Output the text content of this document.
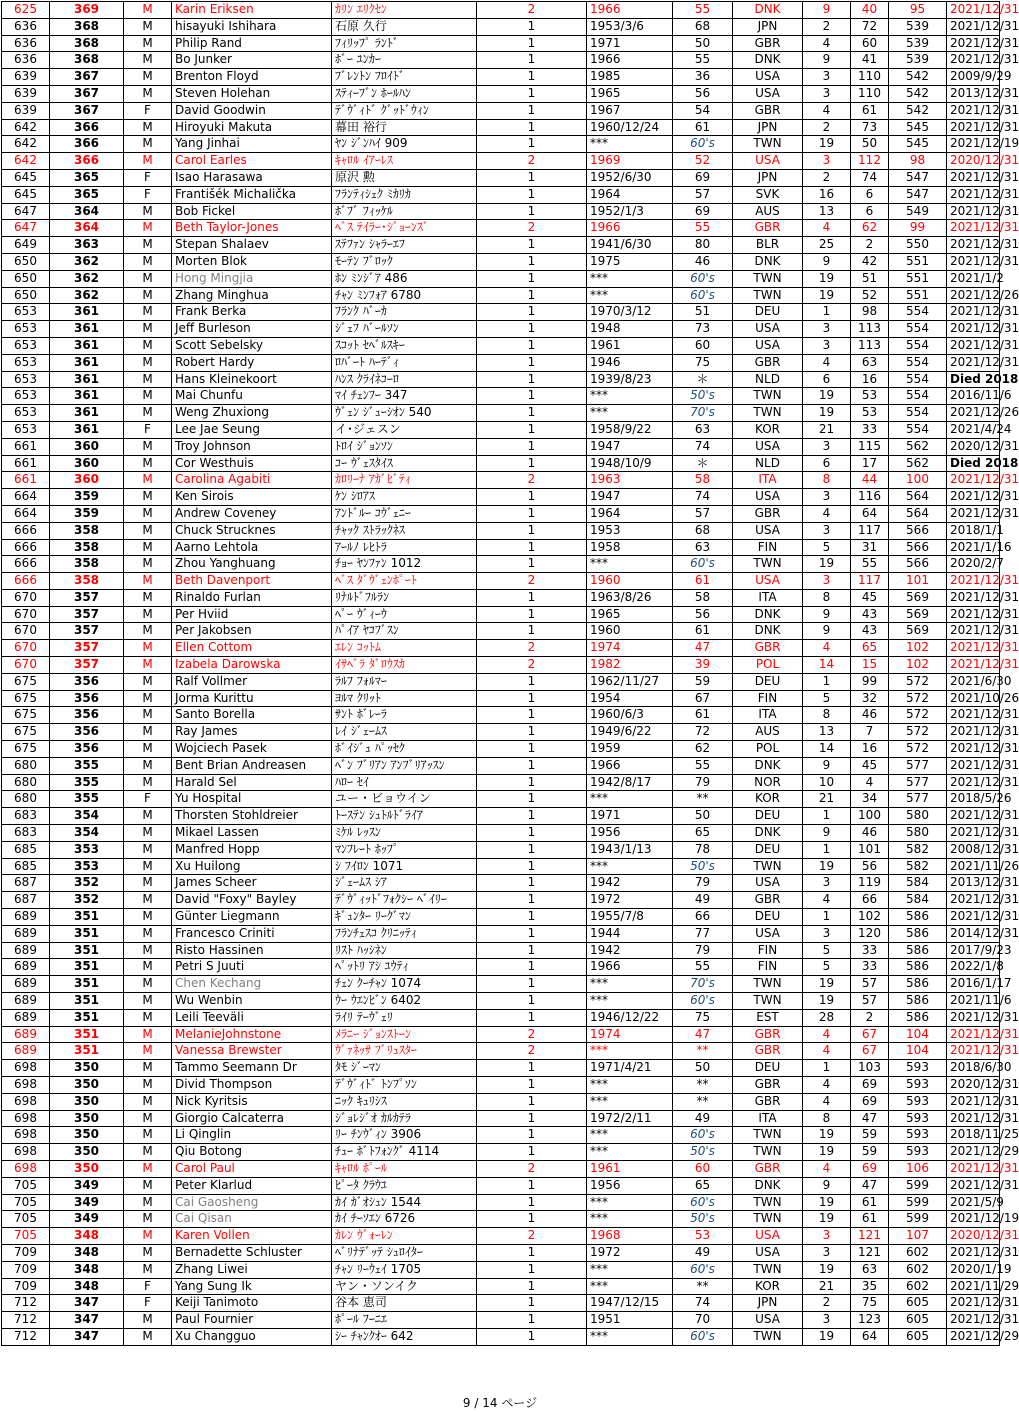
625	369	M	Karin Eriksen	ｶﾘﾝ ｴﾘｸｾﾝ	2	1966	55	DNK	9	40	95	2021/12/31
636	368	M	hisayuki Ishihara	石原 久行	1	1953/3/6	68	JPN	2	72	539	2021/12/31
636	368	M	Philip Rand	ﾌｨﾘｯﾌﾟ ﾗﾝﾄﾞ	1	1971	50	GBR	4	60	539	2021/12/31
636	368	M	Bo Junker	ﾎﾞｰ ﾕﾝｶｰ	1	1966	55	DNK	9	41	539	2021/12/31
639	367	M	Brenton Floyd	ﾌﾞﾚﾝﾄﾝ ﾌﾛｲﾄﾞ	1	1985	36	USA	3	110	542	2009/9/29
639	367	M	Steven Holehan	ｽﾃｨｰﾌﾞﾝ ﾎｰﾙﾊﾝ	1	1965	56	USA	3	110	542	2013/12/31
639	367	F	David Goodwin	ﾃﾞｳﾞｨﾄﾞ ｸﾞｯﾄﾞｳｨﾝ	1	1967	54	GBR	4	61	542	2021/12/31
642	366	M	Hiroyuki Makuta	幕田 裕行	1	1960/12/24	61	JPN	2	73	545	2021/12/31
642	366	M	Yang Jinhai	ﾔﾝ ｼﾞﾝﾊｲ 909	1	***	60's	TWN	19	50	545	2021/12/19
642	366	M	Carol Earles	ｷｬﾛﾙ ｲｱｰﾚｽ	2	1969	52	USA	3	112	98	2020/12/31
645	365	F	Isao Harasawa	原沢 勲	1	1952/6/30	69	JPN	2	74	547	2021/12/31
645	365	F	Františék Michalička	ﾌﾗﾝﾃｨｼｪｸ ﾐｶﾘｶ	1	1964	57	SVK	16	6	547	2021/12/31
647	364	M	Bob Fickel	ﾎﾞﾌﾞ ﾌｨｯｹﾙ	1	1952/1/3	69	AUS	13	6	549	2021/12/31
647	364	M	Beth Taylor-Jones	ﾍﾞｽ ﾃｲﾗｰ･ｼﾞｮｰﾝｽﾞ	2	1966	55	GBR	4	62	99	2021/12/31
649	363	M	Stepan Shalaev	ｽﾃﾌｧﾝ ｼｬﾗｰｴﾌ	1	1941/6/30	80	BLR	25	2	550	2021/12/31
650	362	M	Morten Blok	ﾓｰﾃﾝ ﾌﾞﾛｯｸ	1	1975	46	DNK	9	42	551	2021/12/31
650	362	M	Hong Mingjia	ﾎﾝ ﾐﾝｼﾞｱ 486	1	***	60's	TWN	19	51	551	2021/1/2
650	362	M	Zhang Minghua	ﾁｬﾝ ﾐﾝﾌｫｱ 6780	1	***	60's	TWN	19	52	551	2021/12/26
653	361	M	Frank Berka	ﾌﾗﾝｸ ﾊﾞｰｶ	1	1970/3/12	51	DEU	1	98	554	2021/12/31
653	361	M	Jeff Burleson	ｼﾞｪﾌ ﾊﾞｰﾙｿﾝ	1	1948	73	USA	3	113	554	2021/12/31
653	361	M	Scott Sebelsky	ｽｺｯﾄ ｾﾍﾞﾙｽｷｰ	1	1961	60	USA	3	113	554	2021/12/31
653	361	M	Robert Hardy	ﾛﾊﾞｰﾄ ﾊｰﾃﾞｨ	1	1946	75	GBR	4	63	554	2021/12/31
653	361	M	Hans Kleinekoort	ﾊﾝｽ ｸﾗｲﾈｺｰﾛ	1	1939/8/23	＊	NLD	6	16	554	Died 2018
653	361	M	Mai Chunfu	ﾏｲ ﾁｪﾝﾌｰ 347	1	***	50's	TWN	19	53	554	2016/11/6
653	361	M	Weng Zhuxiong	ｳﾞｪﾝ ｼﾞｭｰｼｵﾝ 540	1	***	70's	TWN	19	53	554	2021/12/26
653	361	F	Lee Jae Seung	イ･ジェスン	1	1958/9/22	63	KOR	21	33	554	2021/4/24
661	360	M	Troy Johnson	ﾄﾛｲ ｼﾞｮﾝｿﾝ	1	1947	74	USA	3	115	562	2020/12/31
661	360	M	Cor Westhuis	ｺｰ ｳﾞｪｽﾀｲｽ	1	1948/10/9	＊	NLD	6	17	562	Died 2018
661	360	M	Carolina Agabiti	ｶﾛﾘｰﾅ ｱｶﾞﾋﾞﾃｨ	2	1963	58	ITA	8	44	100	2021/12/31
664	359	M	Ken Sirois	ｹﾝ ｼﾛｱｽ	1	1947	74	USA	3	116	564	2021/12/31
664	359	M	Andrew Coveney	ｱﾝﾄﾞﾙｰ ｺｳﾞｪﾆｰ	1	1964	57	GBR	4	64	564	2021/12/31
666	358	M	Chuck Strucknes	ﾁｬｯｸ ｽﾄﾗｯｸﾈｽ	1	1953	68	USA	3	117	566	2018/1/1
666	358	M	Aarno Lehtola	ｱｰﾙﾉ ﾚﾋﾄﾗ	1	1958	63	FIN	5	31	566	2021/1/16
666	358	M	Zhou Yanghuang	ﾁｮｰ ﾔﾝﾌｧﾝ 1012	1	***	60's	TWN	19	55	566	2020/2/7
666	358	M	Beth Davenport	ﾍﾞｽ ﾀﾞｳﾞｪﾝﾎﾟｰﾄ	2	1960	61	USA	3	117	101	2021/12/31
670	357	M	Rinaldo Furlan	ﾘﾅﾙﾄﾞﾌﾙﾗﾝ	1	1963/8/26	58	ITA	8	45	569	2021/12/31
670	357	M	Per Hviid	ﾍﾟｰ ｳﾞｨｰｳ	1	1965	56	DNK	9	43	569	2021/12/31
670	357	M	Per Jakobsen	ﾊﾟｲｱ ﾔｺﾌﾞｽﾝ	1	1960	61	DNK	9	43	569	2021/12/31
670	357	M	Ellen Cottom	ｴﾚﾝ ｺｯﾄﾑ	2	1974	47	GBR	4	65	102	2021/12/31
670	357	M	Izabela Darowska	ｲｻﾍﾞﾗ ﾀﾞﾛｳｽｶ	2	1982	39	POL	14	15	102	2021/12/31
675	356	M	Ralf Vollmer	ﾗﾙﾌ ﾌｫﾙﾏｰ	1	1962/11/27	59	DEU	1	99	572	2021/6/30
675	356	M	Jorma Kurittu	ﾖﾙﾏ ｸﾘｯﾄ	1	1954	67	FIN	5	32	572	2021/10/26
675	356	M	Santo Borella	ｻﾝﾄ ﾎﾞﾚｰﾗ	1	1960/6/3	61	ITA	8	46	572	2021/12/31
675	356	M	Ray James	ﾚｲ ｼﾞｪｰﾑｽ	1	1949/6/22	72	AUS	13	7	572	2021/12/31
675	356	M	Wojciech Pasek	ﾎﾞｲｼﾞｭ ﾊﾟｯｾｸ	1	1959	62	POL	14	16	572	2021/12/31
680	355	M	Bent Brian Andreasen	ﾍﾞﾝ ﾌﾞﾘｱﾝ ｱﾝﾌﾞﾘｱｯｽﾝ	1	1966	55	DNK	9	45	577	2021/12/31
680	355	M	Harald Sel	ﾊﾛｰ ｾｲ	1	1942/8/17	79	NOR	10	4	577	2021/12/31
680	355	F	Yu Hospital	ユー・ビョウイン	1	***	**	KOR	21	34	577	2018/5/26
683	354	M	Thorsten Stohldreier	ﾄｰｽﾃﾝ ｼｭﾄﾙﾄﾞﾗｲｱ	1	1971	50	DEU	1	100	580	2021/12/31
683	354	M	Mikael Lassen	ﾐｹﾙ ﾚｯｽﾝ	1	1956	65	DNK	9	46	580	2021/12/31
685	353	M	Manfred Hopp	ﾏﾝﾌﾚｰﾄ ﾎｯﾌﾟ	1	1943/1/13	78	DEU	1	101	582	2008/12/31
685	353	M	Xu Huilong	ｼ ﾌｲﾛﾝ 1071	1	***	50's	TWN	19	56	582	2021/11/26
687	352	M	James Scheer	ｼﾞｪｰﾑｽ ｼｱ	1	1942	79	USA	3	119	584	2013/12/31
687	352	M	David "Foxy" Bayley	ﾃﾞｳﾞｨｯﾄﾞﾌｫｸｼｰ ﾍﾞｲﾘｰ	1	1972	49	GBR	4	66	584	2021/12/31
689	351	M	Günter Liegmann	ｷﾞｭﾝﾀｰ ﾘｰｸﾞﾏﾝ	1	1955/7/8	66	DEU	1	102	586	2021/12/31
689	351	M	Francesco Criniti	ﾌﾗﾝﾁｪｽｺ ｸﾘﾆｯﾃｨ	1	1944	77	USA	3	120	586	2014/12/31
689	351	M	Risto Hassinen	ﾘｽﾄ ﾊｯｼﾈﾝ	1	1942	79	FIN	5	33	586	2017/9/23
689	351	M	Petri S Juuti	ﾍﾟｯﾄﾘ ｱｼ ﾕｳﾃｨ	1	1966	55	FIN	5	33	586	2022/1/8
689	351	M	Chen Kechang	ﾁｪﾝ ｸｰﾁｬﾝ 1074	1	***	70's	TWN	19	57	586	2016/1/17
689	351	M	Wu Wenbin	ｳｰ ｳｴﾝﾋﾞﾝ 6402	1	***	60's	TWN	19	57	586	2021/11/6
689	351	M	Leili Teeväli	ﾗｲﾘ ﾃｰｳﾞｪﾘ	1	1946/12/22	75	EST	28	2	586	2021/12/31
689	351	M	MelanieJohnstone	ﾒﾗﾆｰ ｼﾞｮﾝｽﾄｰﾝ	2	1974	47	GBR	4	67	104	2021/12/31
689	351	M	Vanessa Brewster	ｳﾞｧﾈｯｻ ﾌﾞﾘｭｽﾀｰ	2	***	**	GBR	4	67	104	2021/12/31
698	350	M	Tammo Seemann Dr	ﾀﾓ ｼﾞｰﾏﾝ	1	1971/4/21	50	DEU	1	103	593	2018/6/30
698	350	M	Divid Thompson	ﾃﾞｳﾞｨﾄﾞ ﾄﾝﾌﾟｿﾝ	1	***	**	GBR	4	69	593	2020/12/31
698	350	M	Nick Kyritsis	ﾆｯｸ ｷｭﾘｼｽ	1	***	**	GBR	4	69	593	2021/12/31
698	350	M	Giorgio Calcaterra	ｼﾞｮﾚｼﾞｵ ｶﾙｶﾃﾗ	1	1972/2/11	49	ITA	8	47	593	2021/12/31
698	350	M	Li Qinglin	ﾘｰ ﾁﾝｳﾞｨﾝ 3906	1	***	60's	TWN	19	59	593	2018/11/25
698	350	M	Qiu Botong	ﾁｭｰ ﾎﾞﾄﾌｫﾝｸﾞ 4114	1	***	50's	TWN	19	59	593	2021/12/29
698	350	M	Carol Paul	ｷｬﾛﾙ ﾎﾟｰﾙ	2	1961	60	GBR	4	69	106	2021/12/31
705	349	M	Peter Klarlud	ﾋﾟｰﾀ ｸﾗｳﾕ	1	1956	65	DNK	9	47	599	2021/12/31
705	349	M	Cai Gaosheng	ｶｲ ｶﾞｵｼｭﾝ 1544	1	***	60's	TWN	19	61	599	2021/5/9
705	349	M	Cai Qisan	ｶｲ ﾁｰｿｴﾝ 6726	1	***	50's	TWN	19	61	599	2021/12/19
705	348	M	Karen Vollen	ｶﾚﾝ ｳﾞｫｰﾚﾝ	2	1968	53	USA	3	121	107	2020/12/31
709	348	M	Bernadette Schluster	ﾍﾞﾘﾅﾃﾞｯﾃ ｼｭﾛｲﾀｰ	1	1972	49	USA	3	121	602	2021/12/31
709	348	M	Zhang Liwei	ﾁｬﾝ ﾘｰｳｪｲ 1705	1	***	60's	TWN	19	63	602	2020/1/19
709	348	F	Yang Sung Ik	ヤン・ソンイク	1	***	**	KOR	21	35	602	2021/11/29
712	347	F	Keiji Tanimoto	谷本 恵司	1	1947/12/15	74	JPN	2	75	605	2021/12/31
712	347	M	Paul Fournier	ﾎﾟｰﾙ ﾌｰﾆｴ	1	1951	70	USA	3	123	605	2021/12/31
712	347	M	Xu Changguo	ｼｰ ﾁｬﾝｸｵｰ 642	1	***	60's	TWN	19	64	605	2021/12/29
9 / 14 ページ
